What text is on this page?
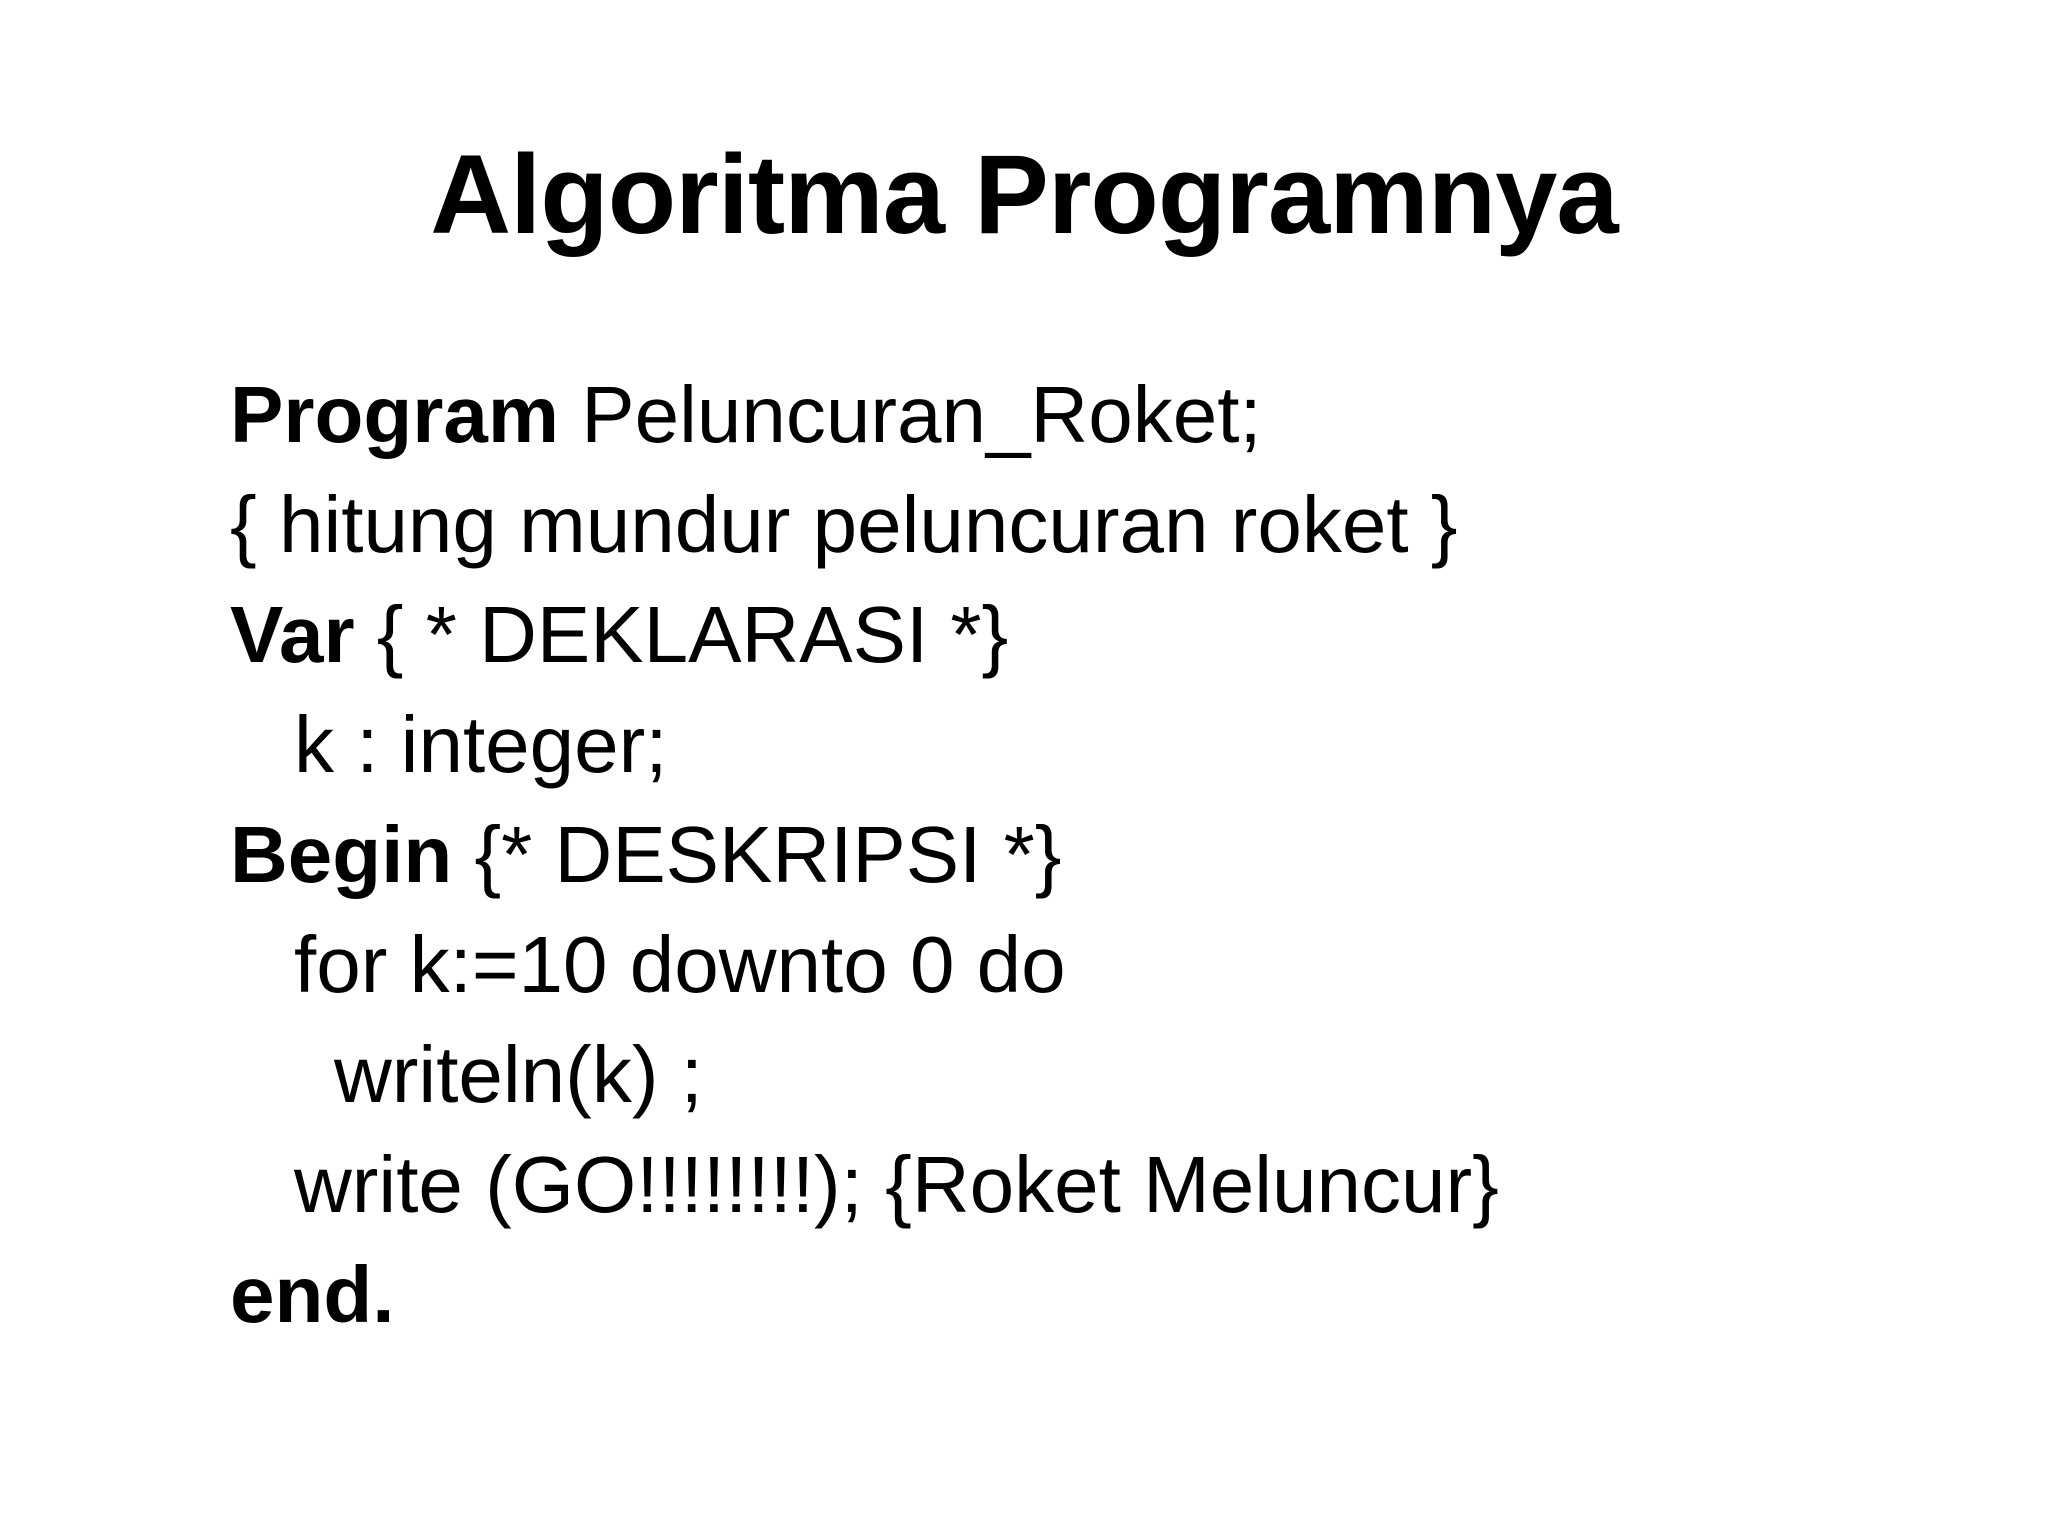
Algoritma Programnya
Program Peluncuran_Roket;
{ hitung mundur peluncuran roket }
Var { * DEKLARASI *}
k : integer;
Begin {* DESKRIPSI *}
for k:=10 downto 0 do
writeln(k) ;
write (GO!!!!!!!!); {Roket Meluncur}
end.
